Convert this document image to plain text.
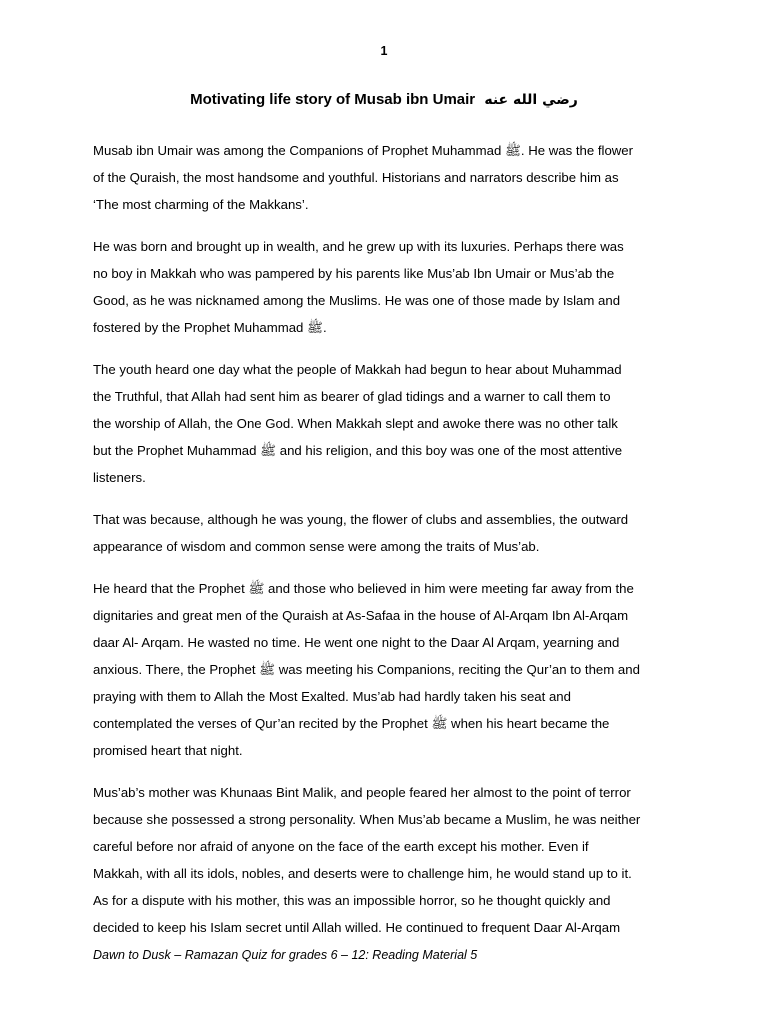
1
Motivating life story of Musab ibn Umair رضي الله عنه
Musab ibn Umair was among the Companions of Prophet Muhammad ﷺ. He was the flower
of the Quraish, the most handsome and youthful. Historians and narrators describe him as
‘The most charming of the Makkans’.
He was born and brought up in wealth, and he grew up with its luxuries. Perhaps there was
no boy in Makkah who was pampered by his parents like Mus’ab Ibn Umair or Mus’ab the
Good, as he was nicknamed among the Muslims. He was one of those made by Islam and
fostered by the Prophet Muhammad ﷺ.
The youth heard one day what the people of Makkah had begun to hear about Muhammad
the Truthful, that Allah had sent him as bearer of glad tidings and a warner to call them to
the worship of Allah, the One God. When Makkah slept and awoke there was no other talk
but the Prophet Muhammad ﷺ and his religion, and this boy was one of the most attentive
listeners.
That was because, although he was young, the flower of clubs and assemblies, the outward
appearance of wisdom and common sense were among the traits of Mus’ab.
He heard that the Prophet ﷺ and those who believed in him were meeting far away from the
dignitaries and great men of the Quraish at As-Safaa in the house of Al-Arqam Ibn Al-Arqam
daar Al- Arqam. He wasted no time. He went one night to the Daar Al Arqam, yearning and
anxious. There, the Prophet ﷺ was meeting his Companions, reciting the Qur’an to them and
praying with them to Allah the Most Exalted. Mus’ab had hardly taken his seat and
contemplated the verses of Qur’an recited by the Prophet ﷺ when his heart became the
promised heart that night.
Mus’ab’s mother was Khunaas Bint Malik, and people feared her almost to the point of terror
because she possessed a strong personality. When Mus’ab became a Muslim, he was neither
careful before nor afraid of anyone on the face of the earth except his mother. Even if
Makkah, with all its idols, nobles, and deserts were to challenge him, he would stand up to it.
As for a dispute with his mother, this was an impossible horror, so he thought quickly and
decided to keep his Islam secret until Allah willed. He continued to frequent Daar Al-Arqam
Dawn to Dusk – Ramazan Quiz for grades 6 – 12: Reading Material 5
